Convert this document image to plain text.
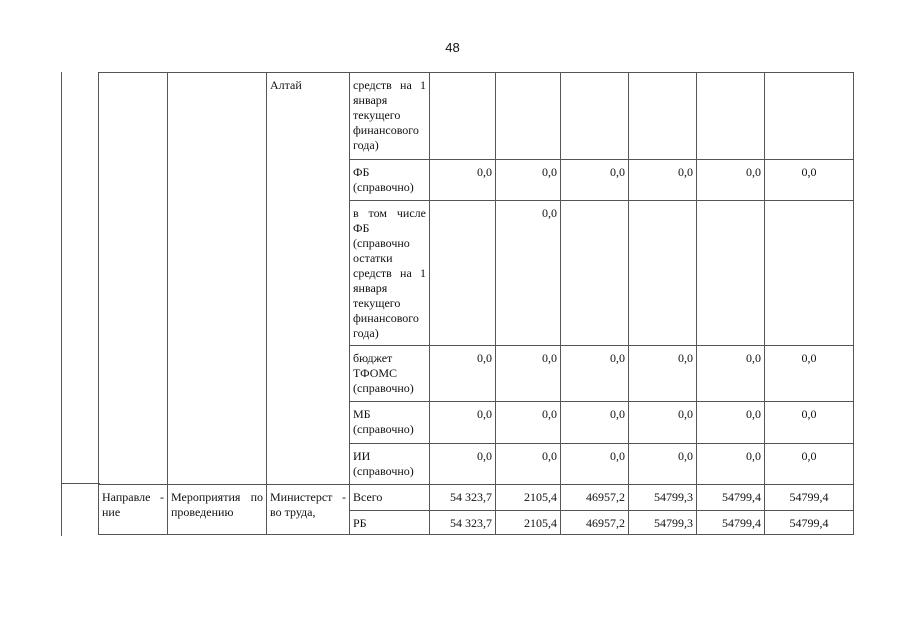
48
		Алтай	средств на 1 января текущего финансового года)						
			ФБ (справочно)	0,0	0,0	0,0	0,0	0,0	0,0
			в том числе ФБ (справочно остатки средств на 1 января текущего финансового года)		0,0				
			бюджет ТФОМС (справочно)	0,0	0,0	0,0	0,0	0,0	0,0
			МБ (справочно)	0,0	0,0	0,0	0,0	0,0	0,0
			ИИ (справочно)	0,0	0,0	0,0	0,0	0,0	0,0
Направле - ние	Мероприятия по проведению	Министерст - во труда,	Всего	54 323,7	2105,4	46957,2	54799,3	54799,4	54799,4
			РБ	54 323,7	2105,4	46957,2	54799,3	54799,4	54799,4
